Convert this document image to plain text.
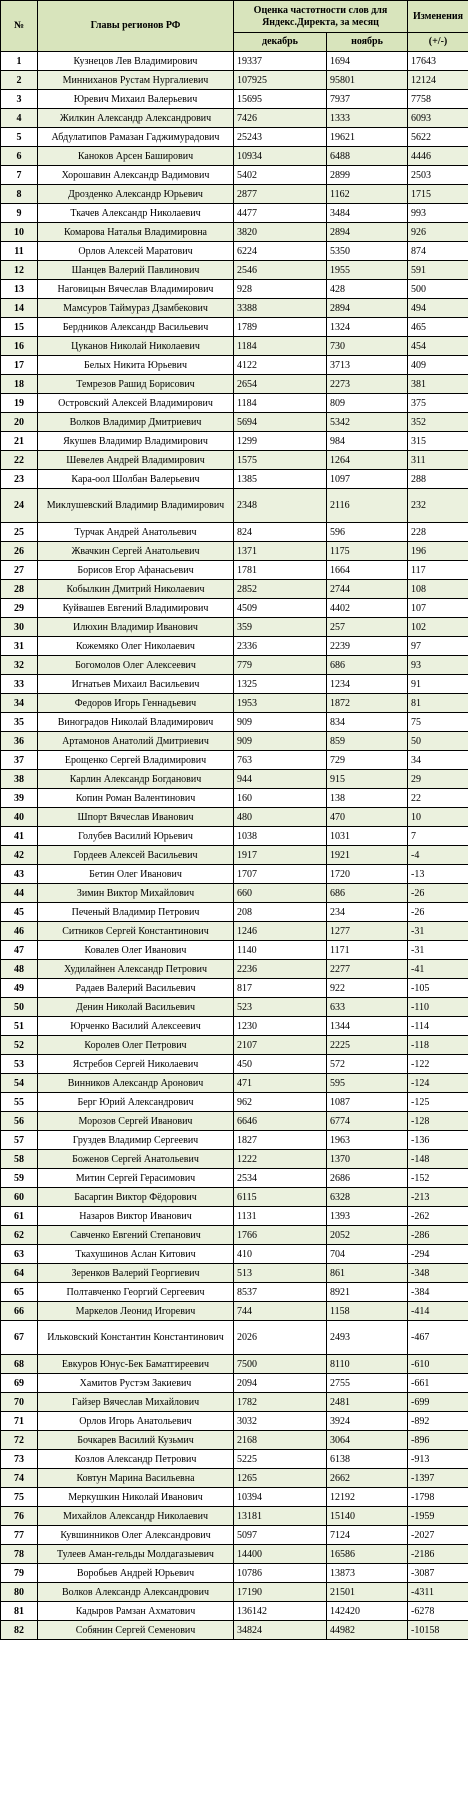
№	Главы регионов РФ	Оценка частотности слов для Яндекс.Директа, за месяц		Изменения
		декабрь	ноябрь	(+/-)
1	Кузнецов Лев Владимирович	19337	1694	17643
2	Минниханов Рустам Нургалиевич	107925	95801	12124
3	Юревич Михаил Валерьевич	15695	7937	7758
4	Жилкин Александр Александрович	7426	1333	6093
5	Абдулатипов Рамазан Гаджимурадович	25243	19621	5622
6	Каноков Арсен Баширович	10934	6488	4446
7	Хорошавин Александр Вадимович	5402	2899	2503
8	Дрозденко Александр Юрьевич	2877	1162	1715
9	Ткачев Александр Николаевич	4477	3484	993
10	Комарова Наталья Владимировна	3820	2894	926
11	Орлов Алексей Маратович	6224	5350	874
12	Шанцев Валерий Павлинович	2546	1955	591
13	Наговицын Вячеслав Владимирович	928	428	500
14	Мамсуров Таймураз Дзамбекович	3388	2894	494
15	Бердников Александр Васильевич	1789	1324	465
16	Цуканов Николай Николаевич	1184	730	454
17	Белых Никита Юрьевич	4122	3713	409
18	Темрезов Рашид Борисович	2654	2273	381
19	Островский Алексей Владимирович	1184	809	375
20	Волков Владимир Дмитриевич	5694	5342	352
21	Якушев Владимир Владимирович	1299	984	315
22	Шевелев Андрей Владимирович	1575	1264	311
23	Кара-оол Шолбан Валерьевич	1385	1097	288
24	Миклушевский Владимир Владимирович	2348	2116	232
25	Турчак Андрей Анатольевич	824	596	228
26	Жвачкин Сергей Анатольевич	1371	1175	196
27	Борисов Егор Афанасьевич	1781	1664	117
28	Кобылкин Дмитрий Николаевич	2852	2744	108
29	Куйвашев Евгений Владимирович	4509	4402	107
30	Илюхин Владимир Иванович	359	257	102
31	Кожемяко Олег Николаевич	2336	2239	97
32	Богомолов Олег Алексеевич	779	686	93
33	Игнатьев Михаил Васильевич	1325	1234	91
34	Федоров Игорь Геннадьевич	1953	1872	81
35	Виноградов Николай Владимирович	909	834	75
36	Артамонов Анатолий Дмитриевич	909	859	50
37	Ерощенко Сергей Владимирович	763	729	34
38	Карлин Александр Богданович	944	915	29
39	Копин Роман Валентинович	160	138	22
40	Шпорт Вячеслав Иванович	480	470	10
41	Голубев Василий Юрьевич	1038	1031	7
42	Гордеев Алексей Васильевич	1917	1921	-4
43	Бетин Олег Иванович	1707	1720	-13
44	Зимин Виктор Михайлович	660	686	-26
45	Печеный Владимир Петрович	208	234	-26
46	Ситников Сергей Константинович	1246	1277	-31
47	Ковалев Олег Иванович	1140	1171	-31
48	Худилайнен Александр Петрович	2236	2277	-41
49	Радаев Валерий Васильевич	817	922	-105
50	Денин Николай Васильевич	523	633	-110
51	Юрченко Василий Алексеевич	1230	1344	-114
52	Королев Олег Петрович	2107	2225	-118
53	Ястребов Сергей Николаевич	450	572	-122
54	Винников Александр Аронович	471	595	-124
55	Берг Юрий Александрович	962	1087	-125
56	Морозов Сергей Иванович	6646	6774	-128
57	Груздев Владимир Сергеевич	1827	1963	-136
58	Боженов Сергей Анатольевич	1222	1370	-148
59	Митин Сергей Герасимович	2534	2686	-152
60	Басаргин Виктор Фёдорович	6115	6328	-213
61	Назаров Виктор Иванович	1131	1393	-262
62	Савченко Евгений Степанович	1766	2052	-286
63	Ткахушинов Аслан Китович	410	704	-294
64	Зеренков Валерий Георгиевич	513	861	-348
65	Полтавченко Георгий Сергеевич	8537	8921	-384
66	Маркелов Леонид Игоревич	744	1158	-414
67	Ильковский Константин Константинович	2026	2493	-467
68	Евкуров Юнус-Бек Баматгиреевич	7500	8110	-610
69	Хамитов Рустэм Закиевич	2094	2755	-661
70	Гайзер Вячеслав Михайлович	1782	2481	-699
71	Орлов Игорь Анатольевич	3032	3924	-892
72	Бочкарев Василий Кузьмич	2168	3064	-896
73	Козлов Александр Петрович	5225	6138	-913
74	Ковтун Марина Васильевна	1265	2662	-1397
75	Меркушкин Николай Иванович	10394	12192	-1798
76	Михайлов Александр Николаевич	13181	15140	-1959
77	Кувшинников Олег Александрович	5097	7124	-2027
78	Тулеев Аман-гельды Молдагазыевич	14400	16586	-2186
79	Воробьев Андрей Юрьевич	10786	13873	-3087
80	Волков Александр Александрович	17190	21501	-4311
81	Кадыров Рамзан Ахматович	136142	142420	-6278
82	Собянин Сергей Семенович	34824	44982	-10158
